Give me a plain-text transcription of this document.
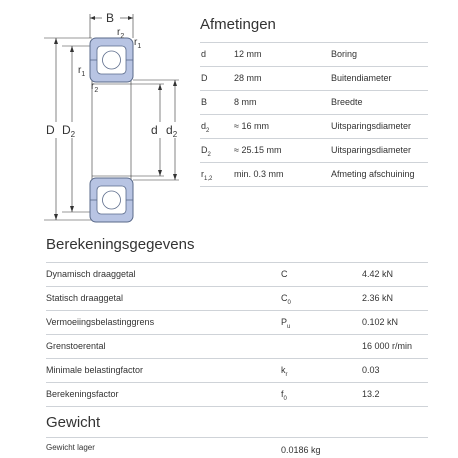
B
D $D_2$	d $d_2$
$r_2$
$r_1$
$r_1$
$r_2$
Afmetingen
d	12 mm	Boring
D	28 mm	Buitendiameter
B	8 mm	Breedte
$d_2$	≈ 16 mm	Uitsparingsdiameter
$D_2$	≈ 25.15 mm	Uitsparingsdiameter
$r_{1,2}$ min. 0.3 mm	Afmeting afschuining
Berekeningsgegevens
Dynamisch draaggetal	C	4.42 kN
Statisch draaggetal	$C_0$	2.36 kN
Vermoeiingsbelastinggrens	$P_u$	0.102 kN
Grenstoerental	16 000 r/min
Minimale belastingfactor	$k_r$	0.03
Berekeningsfactor	$f_0$	13.2
Gewicht
Gewicht lager	0.0186 kg
